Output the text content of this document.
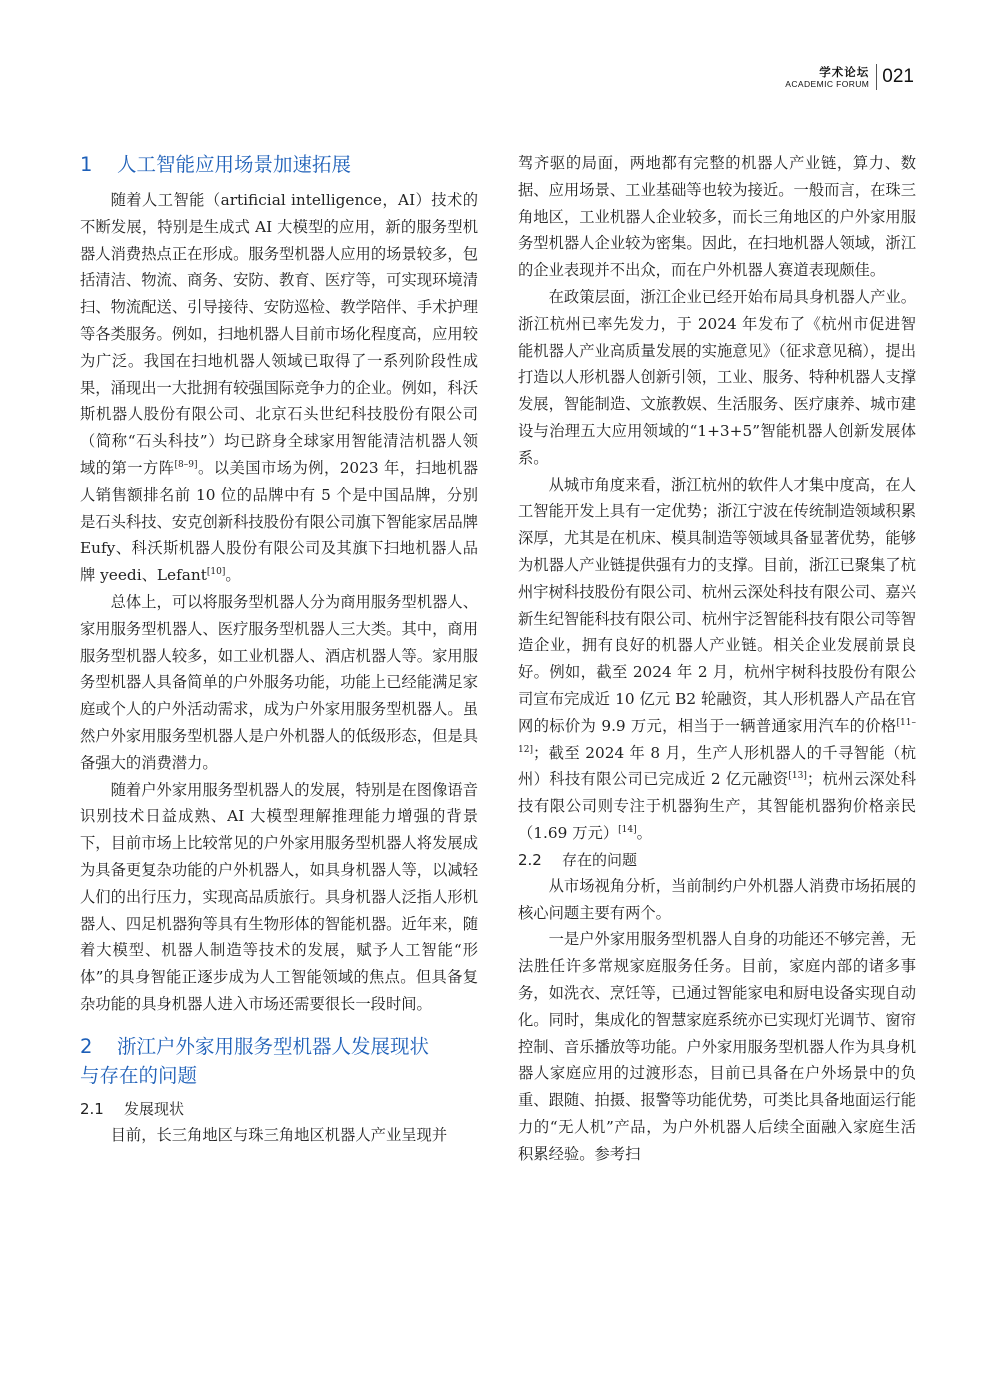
学术论坛
ACADEMIC FORUM 021
1 人工智能应用场景加速拓展

随着人工智能（artificial intelligence，AI）技术的不断发展，特别是生成式 AI 大模型的应用，新的服务型机器人消费热点正在形成。服务型机器人应用的场景较多，包括清洁、物流、商务、安防、教育、医疗等，可实现环境清扫、物流配送、引导接待、安防巡检、教学陪伴、手术护理等各类服务。例如，扫地机器人目前市场化程度高，应用较为广泛。我国在扫地机器人领域已取得了一系列阶段性成果，涌现出一大批拥有较强国际竞争力的企业。例如，科沃斯机器人股份有限公司、北京石头世纪科技股份有限公司（简称“石头科技”）均已跻身全球家用智能清洁机器人领域的第一方阵[8–9]。以美国市场为例，2023 年，扫地机器人销售额排名前 10 位的品牌中有 5 个是中国品牌，分别是石头科技、安克创新科技股份有限公司旗下智能家居品牌 Eufy、科沃斯机器人股份有限公司及其旗下扫地机器人品牌 yeedi、Lefant[10]。

总体上，可以将服务型机器人分为商用服务型机器人、家用服务型机器人、医疗服务型机器人三大类。其中，商用服务型机器人较多，如工业机器人、酒店机器人等。家用服务型机器人具备简单的户外服务功能，功能上已经能满足家庭或个人的户外活动需求，成为户外家用服务型机器人。虽然户外家用服务型机器人是户外机器人的低级形态，但是具备强大的消费潜力。

随着户外家用服务型机器人的发展，特别是在图像语音识别技术日益成熟、AI 大模型理解推理能力增强的背景下，目前市场上比较常见的户外家用服务型机器人将发展成为具备更复杂功能的户外机器人，如具身机器人等，以减轻人们的出行压力，实现高品质旅行。具身机器人泛指人形机器人、四足机器狗等具有生物形体的智能机器。近年来，随着大模型、机器人制造等技术的发展，赋予人工智能“形体”的具身智能正逐步成为人工智能领域的焦点。但具备复杂功能的具身机器人进入市场还需要很长一段时间。

2 浙江户外家用服务型机器人发展现状
与存在的问题
2.1 发展现状

目前，长三角地区与珠三角地区机器人产业呈现并

驾齐驱的局面，两地都有完整的机器人产业链，算力、数据、应用场景、工业基础等也较为接近。一般而言，在珠三角地区，工业机器人企业较多，而长三角地区的户外家用服务型机器人企业较为密集。因此，在扫地机器人领域，浙江的企业表现并不出众，而在户外机器人赛道表现颇佳。

在政策层面，浙江企业已经开始布局具身机器人产业。浙江杭州已率先发力，于 2024 年发布了《杭州市促进智能机器人产业高质量发展的实施意见》（征求意见稿），提出打造以人形机器人创新引领，工业、服务、特种机器人支撑发展，智能制造、文旅教娱、生活服务、医疗康养、城市建设与治理五大应用领域的“1+3+5”智能机器人创新发展体系。

从城市角度来看，浙江杭州的软件人才集中度高，在人工智能开发上具有一定优势；浙江宁波在传统制造领域积累深厚，尤其是在机床、模具制造等领域具备显著优势，能够为机器人产业链提供强有力的支撑。目前，浙江已聚集了杭州宇树科技股份有限公司、杭州云深处科技有限公司、嘉兴新生纪智能科技有限公司、杭州宇泛智能科技有限公司等智造企业，拥有良好的机器人产业链。相关企业发展前景良好。例如，截至 2024 年 2 月，杭州宇树科技股份有限公司宣布完成近 10 亿元 B2 轮融资，其人形机器人产品在官网的标价为 9.9 万元，相当于一辆普通家用汽车的价格[11–12]；截至 2024 年 8 月，生产人形机器人的千寻智能（杭州）科技有限公司已完成近 2 亿元融资[13]；杭州云深处科技有限公司则专注于机器狗生产，其智能机器狗价格亲民（1.69 万元）[14]。

2.2 存在的问题

从市场视角分析，当前制约户外机器人消费市场拓展的核心问题主要有两个。

一是户外家用服务型机器人自身的功能还不够完善，无法胜任许多常规家庭服务任务。目前，家庭内部的诸多事务，如洗衣、烹饪等，已通过智能家电和厨电设备实现自动化。同时，集成化的智慧家庭系统亦已实现灯光调节、窗帘控制、音乐播放等功能。户外家用服务型机器人作为具身机器人家庭应用的过渡形态，目前已具备在户外场景中的负重、跟随、拍摄、报警等功能优势，可类比具备地面运行能力的“无人机”产品，为户外机器人后续全面融入家庭生活积累经验。参考扫
